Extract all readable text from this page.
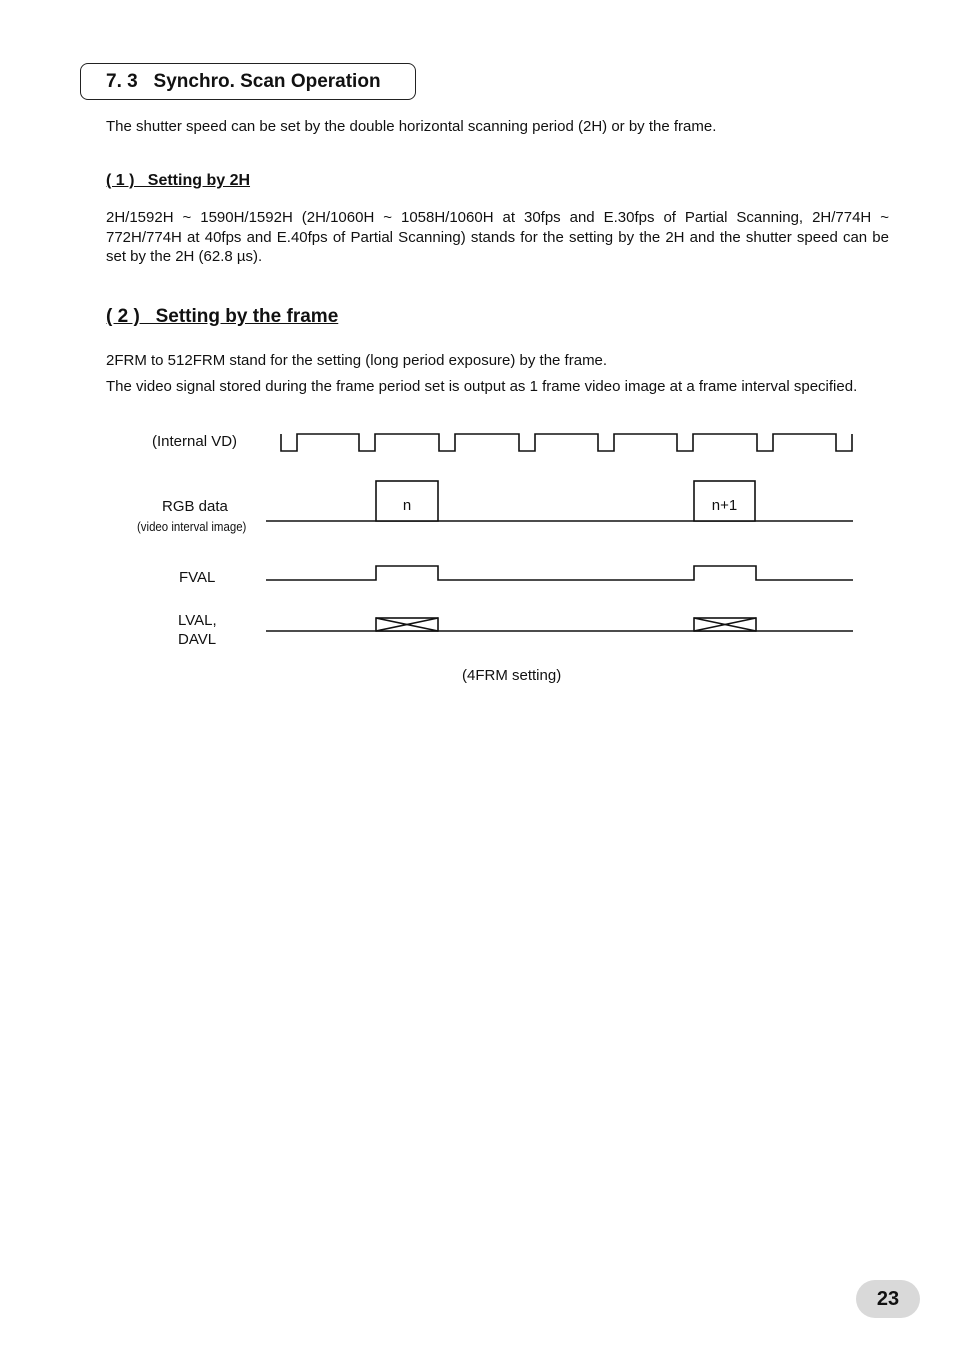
7. 3 Synchro. Scan Operation

The shutter speed can be set by the double horizontal scanning period (2H) or by the frame.

( 1 )   Setting by 2H

2H/1592H ~ 1590H/1592H (2H/1060H ~ 1058H/1060H at 30fps and E.30fps of Partial Scanning, 2H/774H ~ 772H/774H at 40fps and E.40fps of Partial Scanning) stands for the setting by the 2H and the shutter speed can be set by the 2H (62.8 µs).

( 2 )   Setting by the frame

2FRM to 512FRM stand for the setting (long period exposure) by the frame.

The video signal stored during the frame period set is output as 1 frame video image at a frame interval specified.

(Internal VD)
RGB data
(video interval image)
FVAL
LVAL,
DAVL
n	n+1
(4FRM setting)
23
